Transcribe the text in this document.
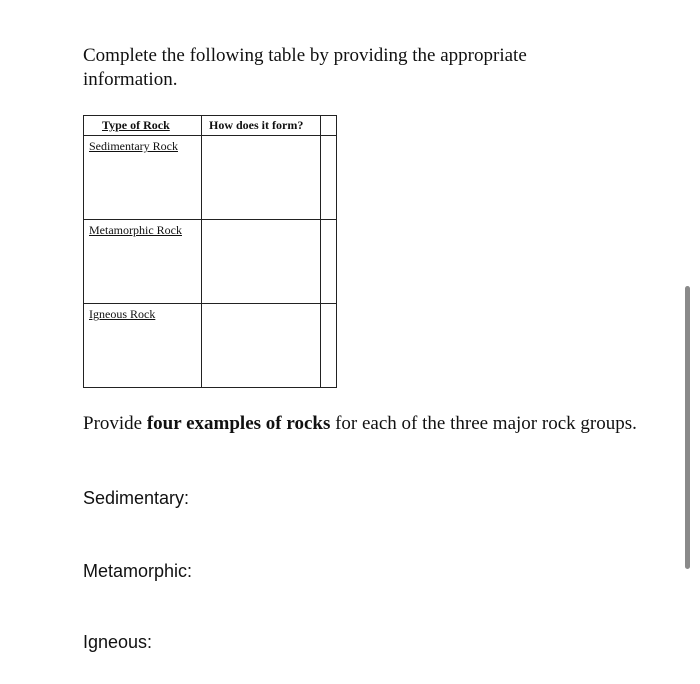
Complete the following table by providing the appropriate information.

Type of Rock	How does it form?
Sedimentary Rock
Metamorphic Rock
Igneous Rock

Provide four examples of rocks for each of the three major rock groups.

Sedimentary:

Metamorphic:

Igneous:
